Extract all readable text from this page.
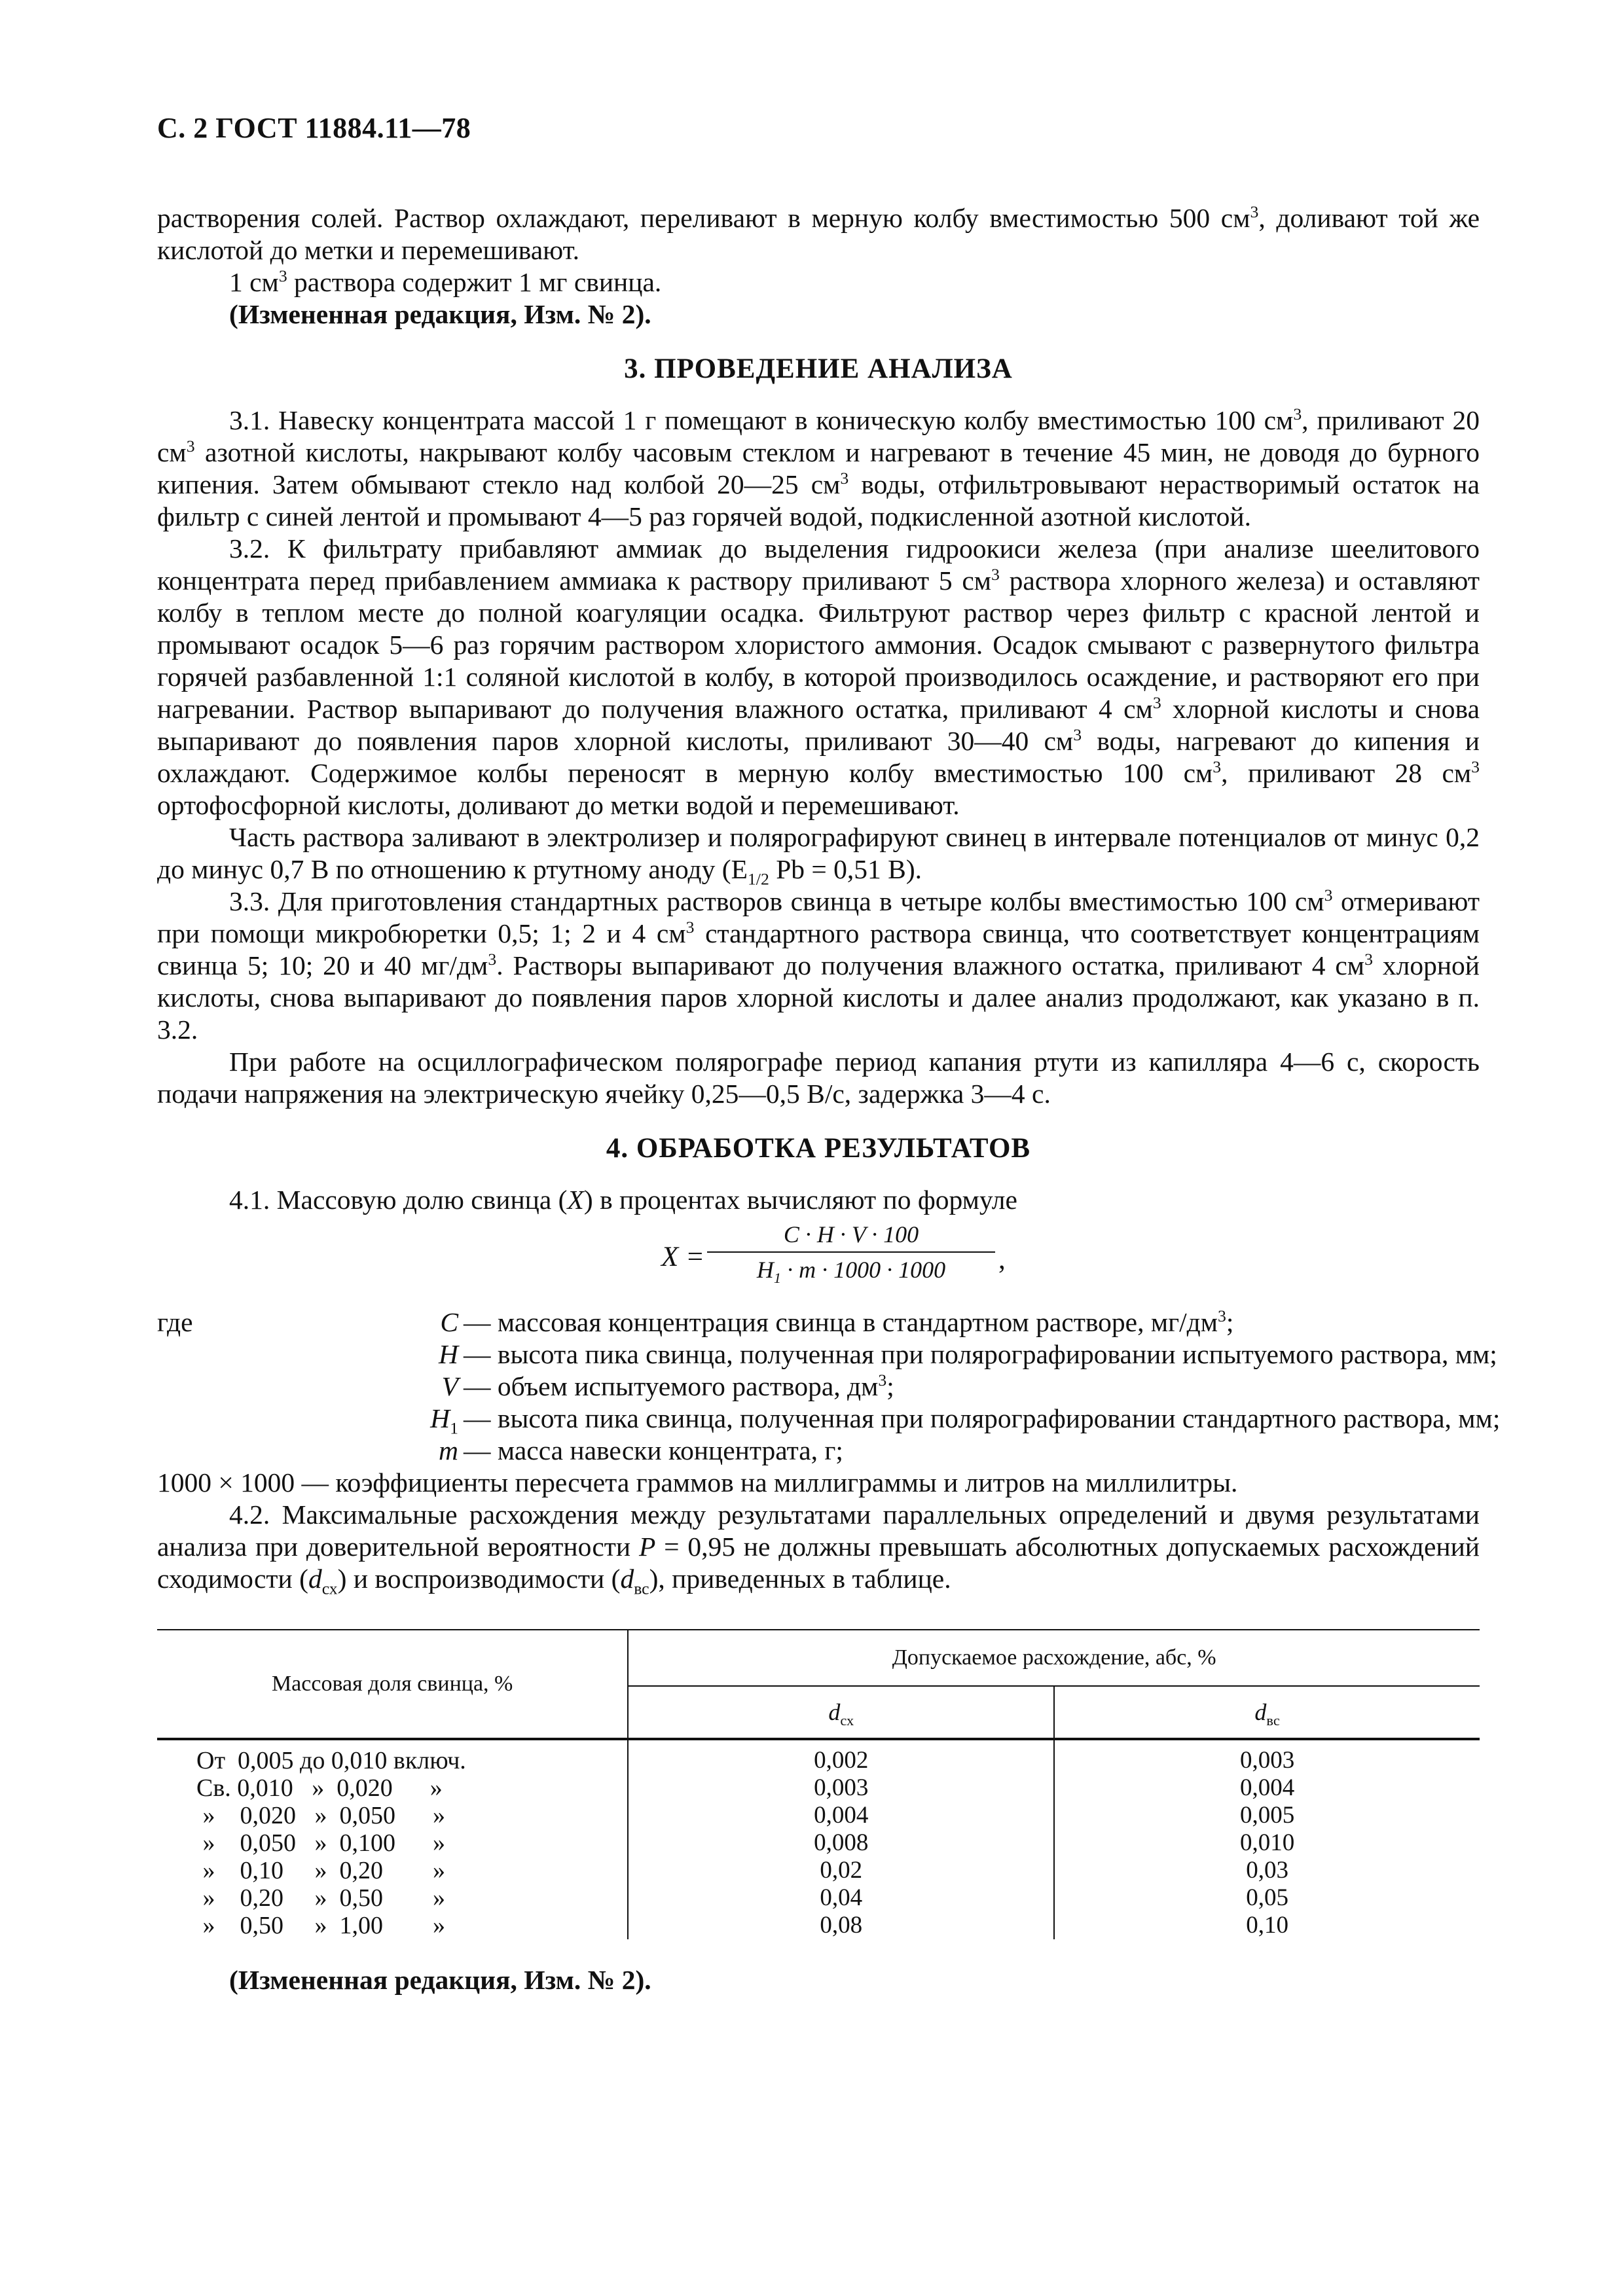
С. 2 ГОСТ 11884.11—78

растворения солей. Раствор охлаждают, переливают в мерную колбу вместимостью 500 $см^3$, доливают той же кислотой до метки и перемешивают.

1 $см^3$ раствора содержит 1 мг свинца.

(Измененная редакция, Изм. № 2).

3. ПРОВЕДЕНИЕ АНАЛИЗА

3.1. Навеску концентрата массой 1 г помещают в коническую колбу вместимостью 100 $см^3$, приливают 20 $см^3$ азотной кислоты, накрывают колбу часовым стеклом и нагревают в течение 45 мин, не доводя до бурного кипения. Затем обмывают стекло над колбой 20—25 $см^3$ воды, отфильтровывают нерастворимый остаток на фильтр с синей лентой и промывают 4—5 раз горячей водой, подкисленной азотной кислотой.

3.2. К фильтрату прибавляют аммиак до выделения гидроокиси железа (при анализе шеелитового концентрата перед прибавлением аммиака к раствору приливают 5 $см^3$ раствора хлорного железа) и оставляют колбу в теплом месте до полной коагуляции осадка. Фильтруют раствор через фильтр с красной лентой и промывают осадок 5—6 раз горячим раствором хлористого аммония. Осадок смывают с развернутого фильтра горячей разбавленной 1:1 соляной кислотой в колбу, в которой производилось осаждение, и растворяют его при нагревании. Раствор выпаривают до получения влажного остатка, приливают 4 $см^3$ хлорной кислоты и снова выпаривают до появления паров хлорной кислоты, приливают 30—40 $см^3$ воды, нагревают до кипения и охлаждают. Содержимое колбы переносят в мерную колбу вместимостью 100 $см^3$, приливают 28 $см^3$ ортофосфорной кислоты, доливают до метки водой и перемешивают.

Часть раствора заливают в электролизер и полярографируют свинец в интервале потенциалов от минус 0,2 до минус 0,7 В по отношению к ртутному аноду ($E_{1/2}$ Pb = 0,51 В).

3.3. Для приготовления стандартных растворов свинца в четыре колбы вместимостью 100 $см^3$ отмеривают при помощи микробюретки 0,5; 1; 2 и 4 $см^3$ стандартного раствора свинца, что соответствует концентрациям свинца 5; 10; 20 и 40 $мг/дм^3$. Растворы выпаривают до получения влажного остатка, приливают 4 $см^3$ хлорной кислоты, снова выпаривают до появления паров хлорной кислоты и далее анализ продолжают, как указано в п. 3.2.

При работе на осциллографическом полярографе период капания ртути из капилляра 4—6 с, скорость подачи напряжения на электрическую ячейку 0,25—0,5 В/с, задержка 3—4 с.

4. ОБРАБОТКА РЕЗУЛЬТАТОВ

4.1. Массовую долю свинца (X) в процентах вычисляют по формуле

X =
C · H · V · 100
$H_1 \cdot m \cdot 1000 \cdot 1000$	,
где	C — массовая концентрация свинца в стандартном растворе, $мг/дм^3$;
H — высота пика свинца, полученная при полярографировании испытуемого раствора, мм;
V — объем испытуемого раствора, $дм^3$;
$H_1$ — высота пика свинца, полученная при полярографировании стандартного раствора, мм;
m — масса навески концентрата, г;

1000 × 1000 — коэффициенты пересчета граммов на миллиграммы и литров на миллилитры.

4.2. Максимальные расхождения между результатами параллельных определений и двумя результатами анализа при доверительной вероятности P = 0,95 не должны превышать абсолютных допускаемых расхождений сходимости $(d_{сх})$ и воспроизводимости $(d_{вс})$, приведенных в таблице.

Массовая доля свинца, %	Допускаемое расхождение, абс, %	
	$d_{сх}$	$d_{вс}$
От  0,005 до 0,010 включ.	0,002	0,003
Св. 0,010   »  0,020      »	0,003	0,004
»    0,020   »  0,050      »	0,004	0,005
»    0,050   »  0,100      »	0,008	0,010
»    0,10     »  0,20        »	0,02	0,03
»    0,20     »  0,50        »	0,04	0,05
»    0,50     »  1,00        »	0,08	0,10

(Измененная редакция, Изм. № 2).
